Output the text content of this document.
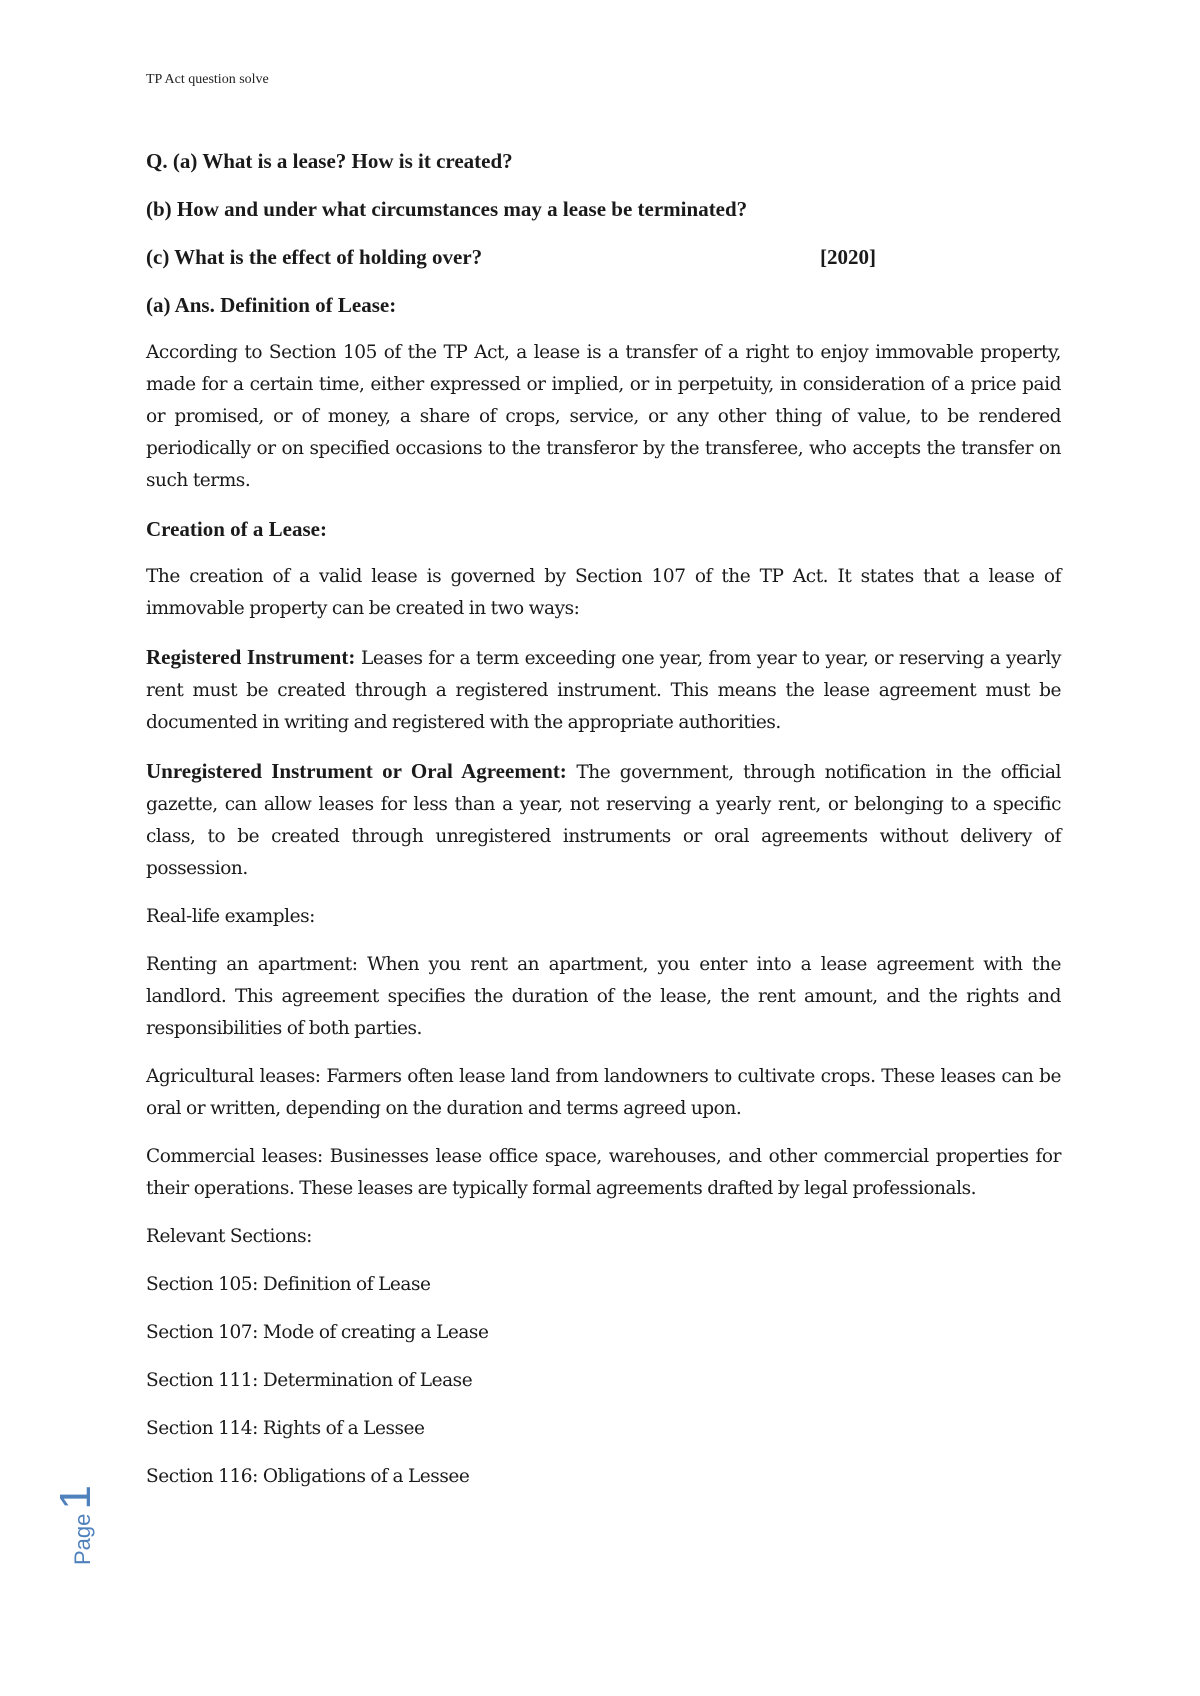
TP Act question solve
Q. (a) What is a lease? How is it created?
(b) How and under what circumstances may a lease be terminated?
(c) What is the effect of holding over?	[2020]
(a) Ans. Definition of Lease:

According to Section 105 of the TP Act, a lease is a transfer of a right to enjoy immovable property, made for a certain time, either expressed or implied, or in perpetuity, in consideration of a price paid or promised, or of money, a share of crops, service, or any other thing of value, to be rendered periodically or on specified occasions to the transferor by the transferee, who accepts the transfer on such terms.

Creation of a Lease:

The creation of a valid lease is governed by Section 107 of the TP Act. It states that a lease of immovable property can be created in two ways:

Registered Instrument: Leases for a term exceeding one year, from year to year, or reserving a yearly rent must be created through a registered instrument. This means the lease agreement must be documented in writing and registered with the appropriate authorities.

Unregistered Instrument or Oral Agreement: The government, through notification in the official gazette, can allow leases for less than a year, not reserving a yearly rent, or belonging to a specific class, to be created through unregistered instruments or oral agreements without delivery of possession.

Real-life examples:

Renting an apartment: When you rent an apartment, you enter into a lease agreement with the landlord. This agreement specifies the duration of the lease, the rent amount, and the rights and responsibilities of both parties.

Agricultural leases: Farmers often lease land from landowners to cultivate crops. These leases can be oral or written, depending on the duration and terms agreed upon.

Commercial leases: Businesses lease office space, warehouses, and other commercial properties for their operations. These leases are typically formal agreements drafted by legal professionals.

Relevant Sections:

Section 105: Definition of Lease

Section 107: Mode of creating a Lease

Section 111: Determination of Lease

Section 114: Rights of a Lessee

Section 116: Obligations of a Lessee

Page
1
